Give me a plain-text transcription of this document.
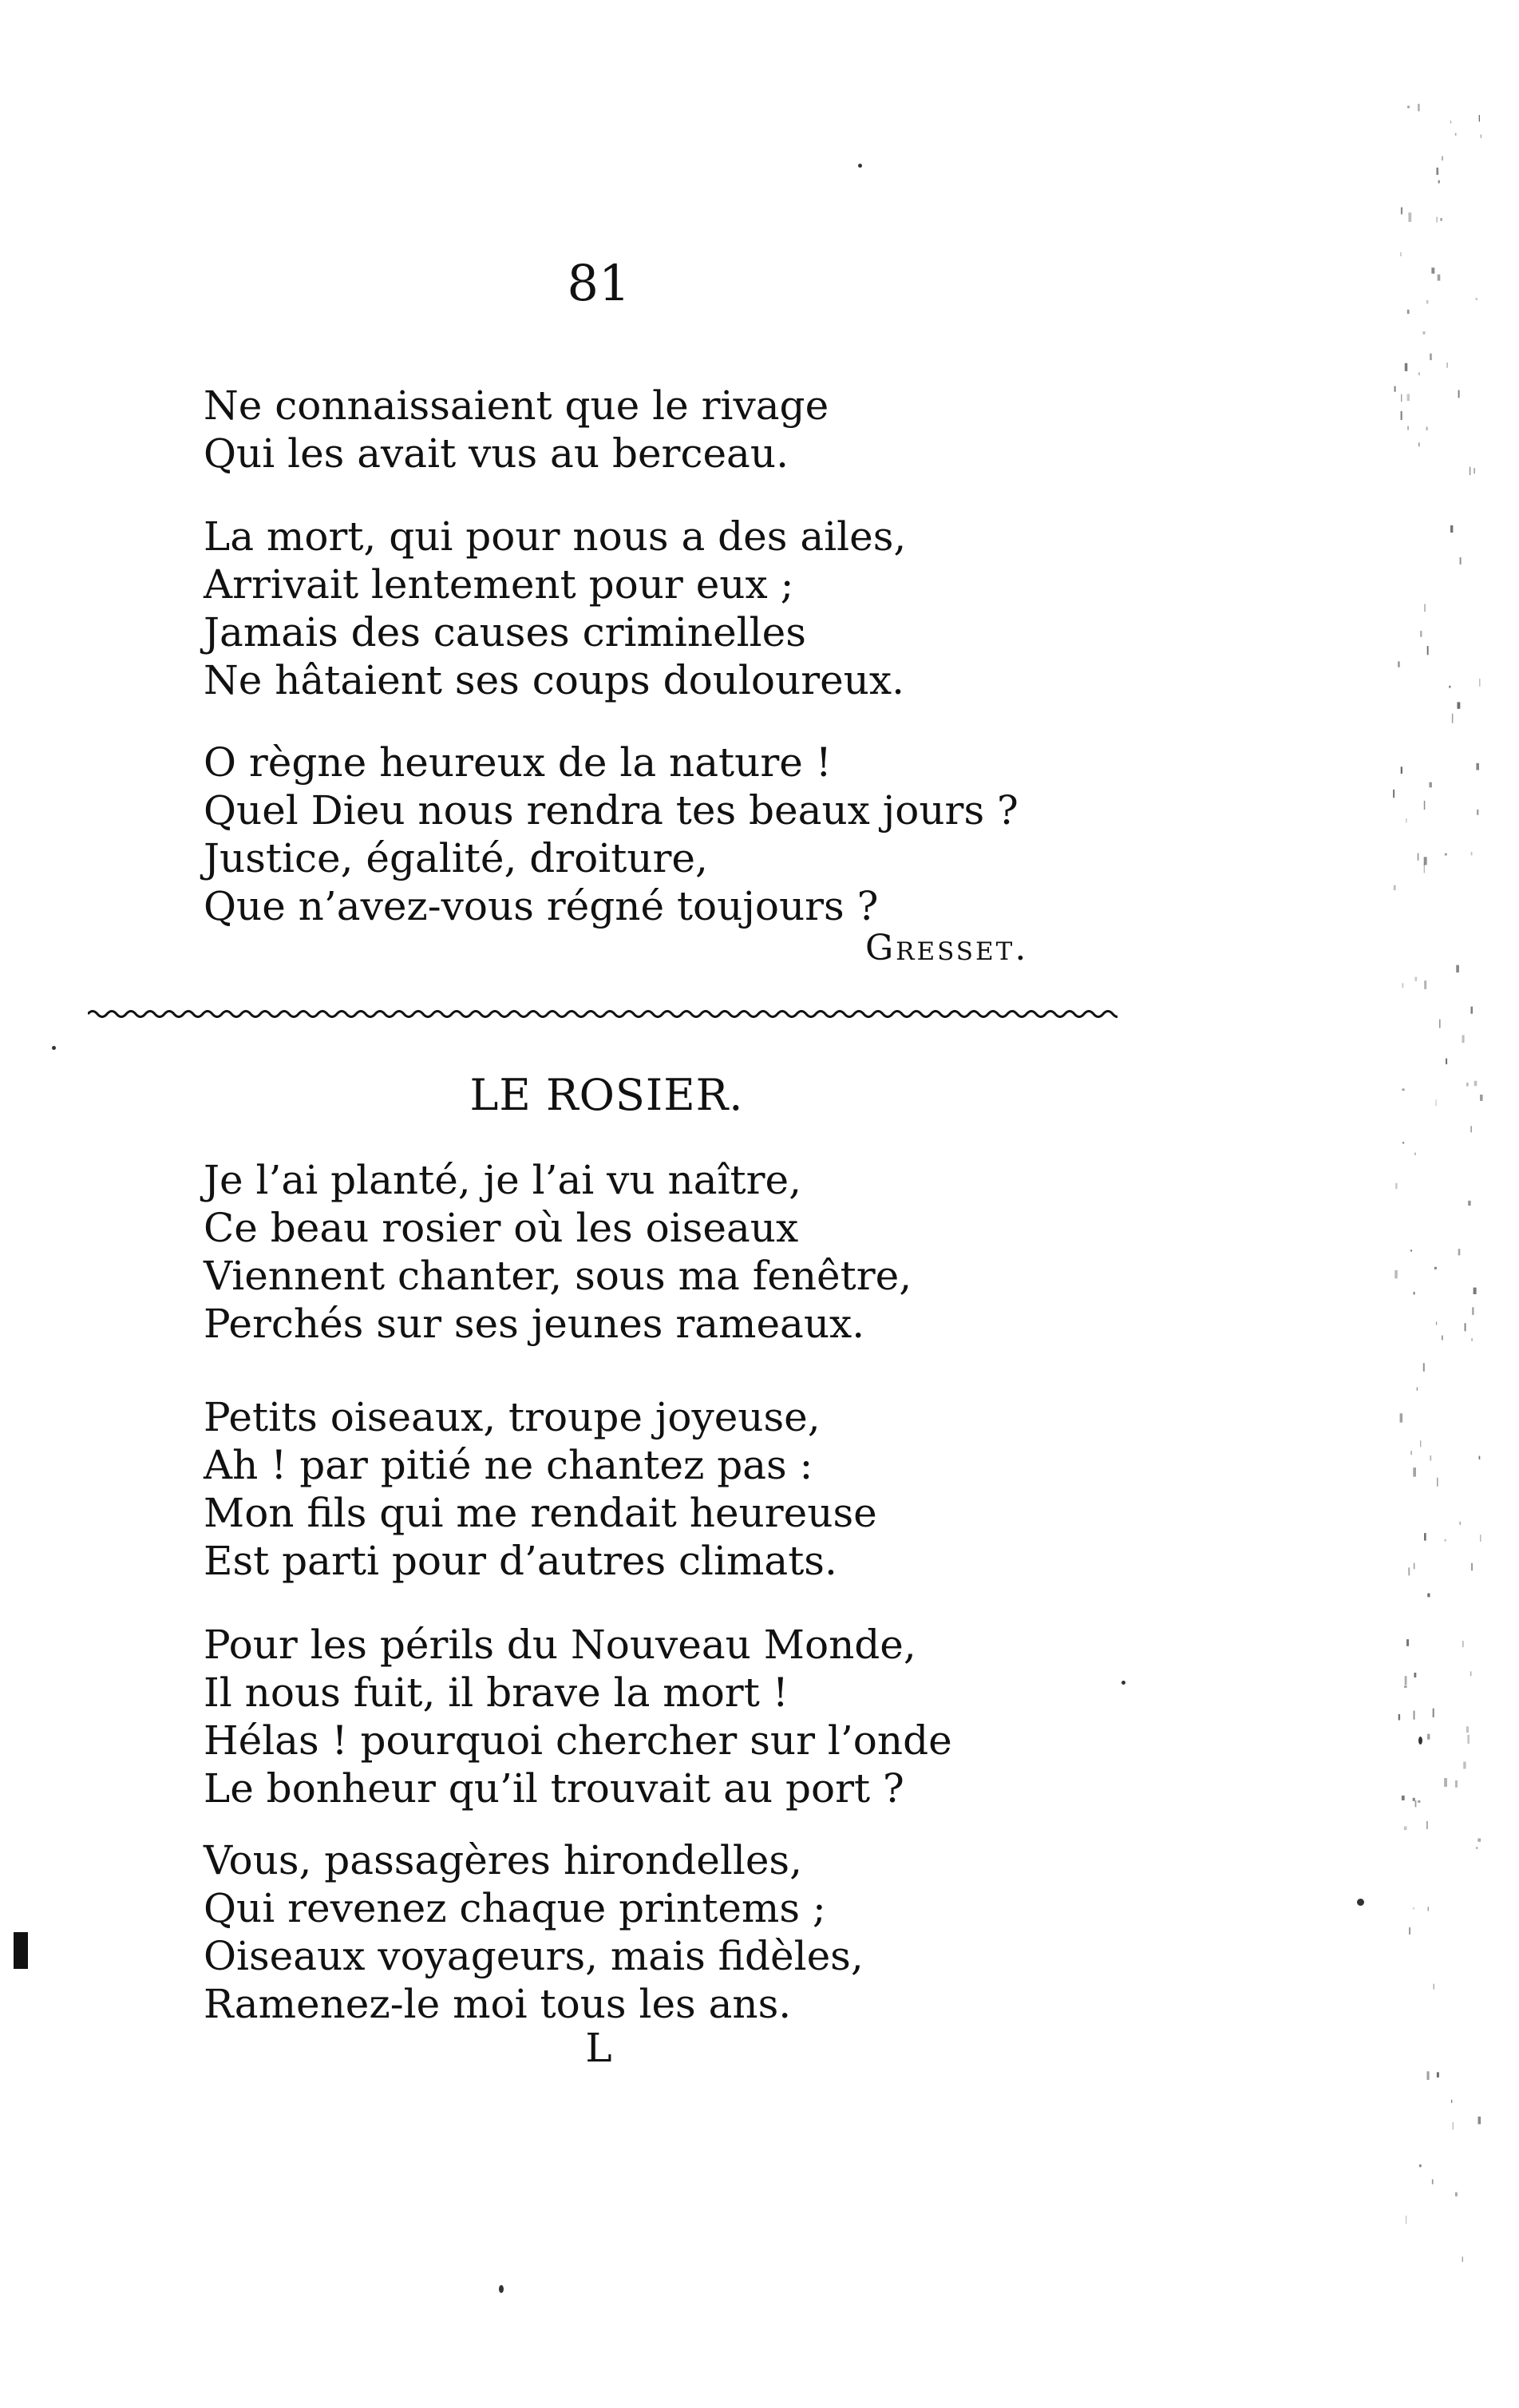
81
Ne connaissaient que le rivage
Qui les avait vus au berceau.
La mort, qui pour nous a des ailes,
Arrivait lentement pour eux ;
Jamais des causes criminelles
Ne hâtaient ses coups douloureux.
O règne heureux de la nature !
Quel Dieu nous rendra tes beaux jours ?
Justice, égalité, droiture,
Que n’avez-vous régné toujours ?
Gresset.
LE ROSIER.
Je l’ai planté, je l’ai vu naître,
Ce beau rosier où les oiseaux
Viennent chanter, sous ma fenêtre,
Perchés sur ses jeunes rameaux.
Petits oiseaux, troupe joyeuse,
Ah ! par pitié ne chantez pas :
Mon fils qui me rendait heureuse
Est parti pour d’autres climats.
Pour les périls du Nouveau Monde,
Il nous fuit, il brave la mort !
Hélas ! pourquoi chercher sur l’onde
Le bonheur qu’il trouvait au port ?
Vous, passagères hirondelles,
Qui revenez chaque printems ;
Oiseaux voyageurs, mais fidèles,
Ramenez-le moi tous les ans.
L
